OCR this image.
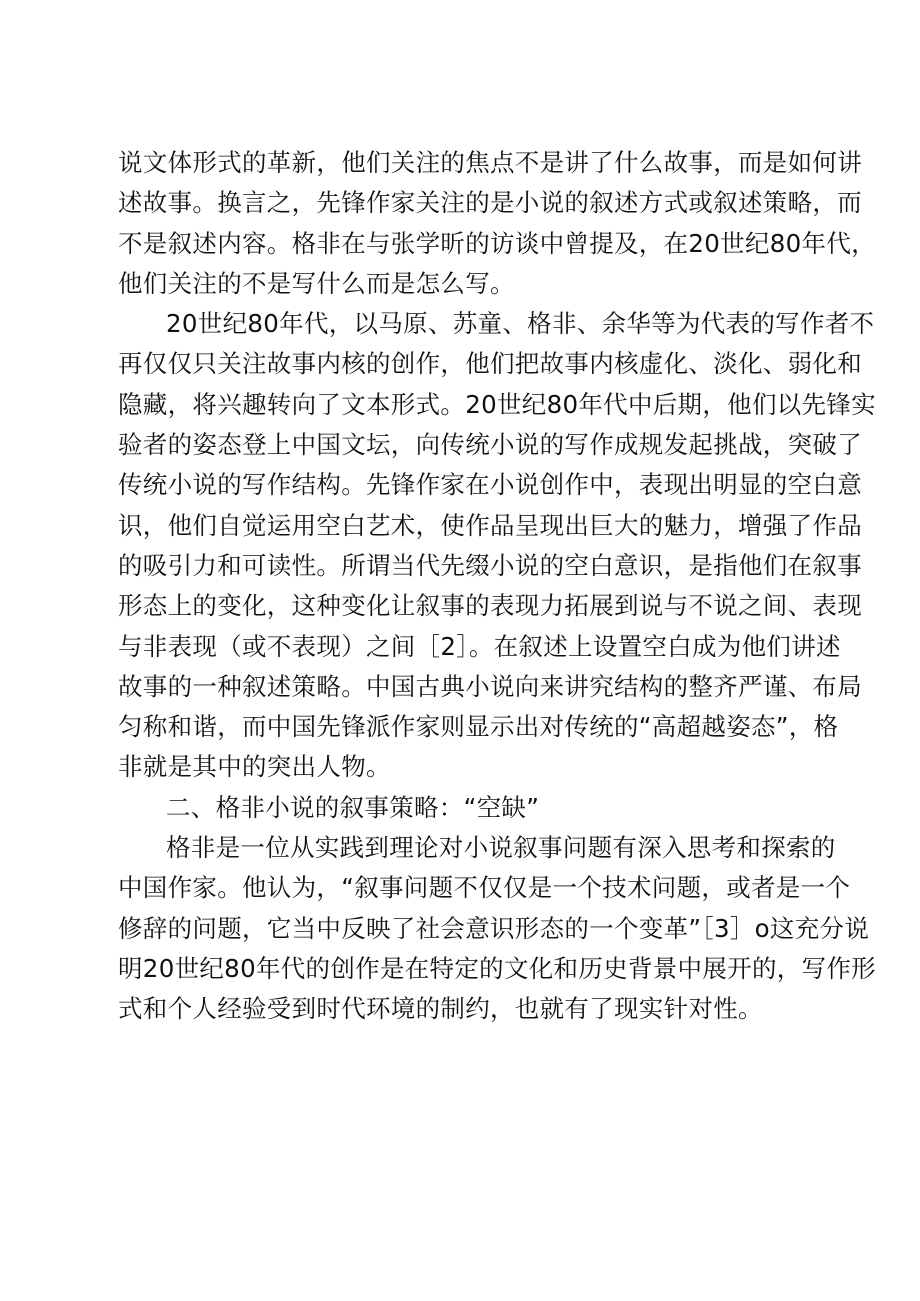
说文体形式的革新，他们关注的焦点不是讲了什么故事，而是如何讲
述故事。换言之，先锋作家关注的是小说的叙述方式或叙述策略，而
不是叙述内容。格非在与张学昕的访谈中曾提及，在20世纪80年代，
他们关注的不是写什么而是怎么写。
20世纪80年代，以马原、苏童、格非、余华等为代表的写作者不
再仅仅只关注故事内核的创作，他们把故事内核虚化、淡化、弱化和
隐藏，将兴趣转向了文本形式。20世纪80年代中后期，他们以先锋实
验者的姿态登上中国文坛，向传统小说的写作成规发起挑战，突破了
传统小说的写作结构。先锋作家在小说创作中，表现出明显的空白意
识，他们自觉运用空白艺术，使作品呈现出巨大的魅力，增强了作品
的吸引力和可读性。所谓当代先缀小说的空白意识，是指他们在叙事
形态上的变化，这种变化让叙事的表现力拓展到说与不说之间、表现
与非表现（或不表现）之间［2］。在叙述上设置空白成为他们讲述
故事的一种叙述策略。中国古典小说向来讲究结构的整齐严谨、布局
匀称和谐，而中国先锋派作家则显示出对传统的“高超越姿态”，格
非就是其中的突出人物。
二、格非小说的叙事策略：“空缺”
格非是一位从实践到理论对小说叙事问题有深入思考和探索的
中国作家。他认为，“叙事问题不仅仅是一个技术问题，或者是一个
修辞的问题，它当中反映了社会意识形态的一个变革”［3］o这充分说
明20世纪80年代的创作是在特定的文化和历史背景中展开的，写作形
式和个人经验受到时代环境的制约，也就有了现实针对性。
